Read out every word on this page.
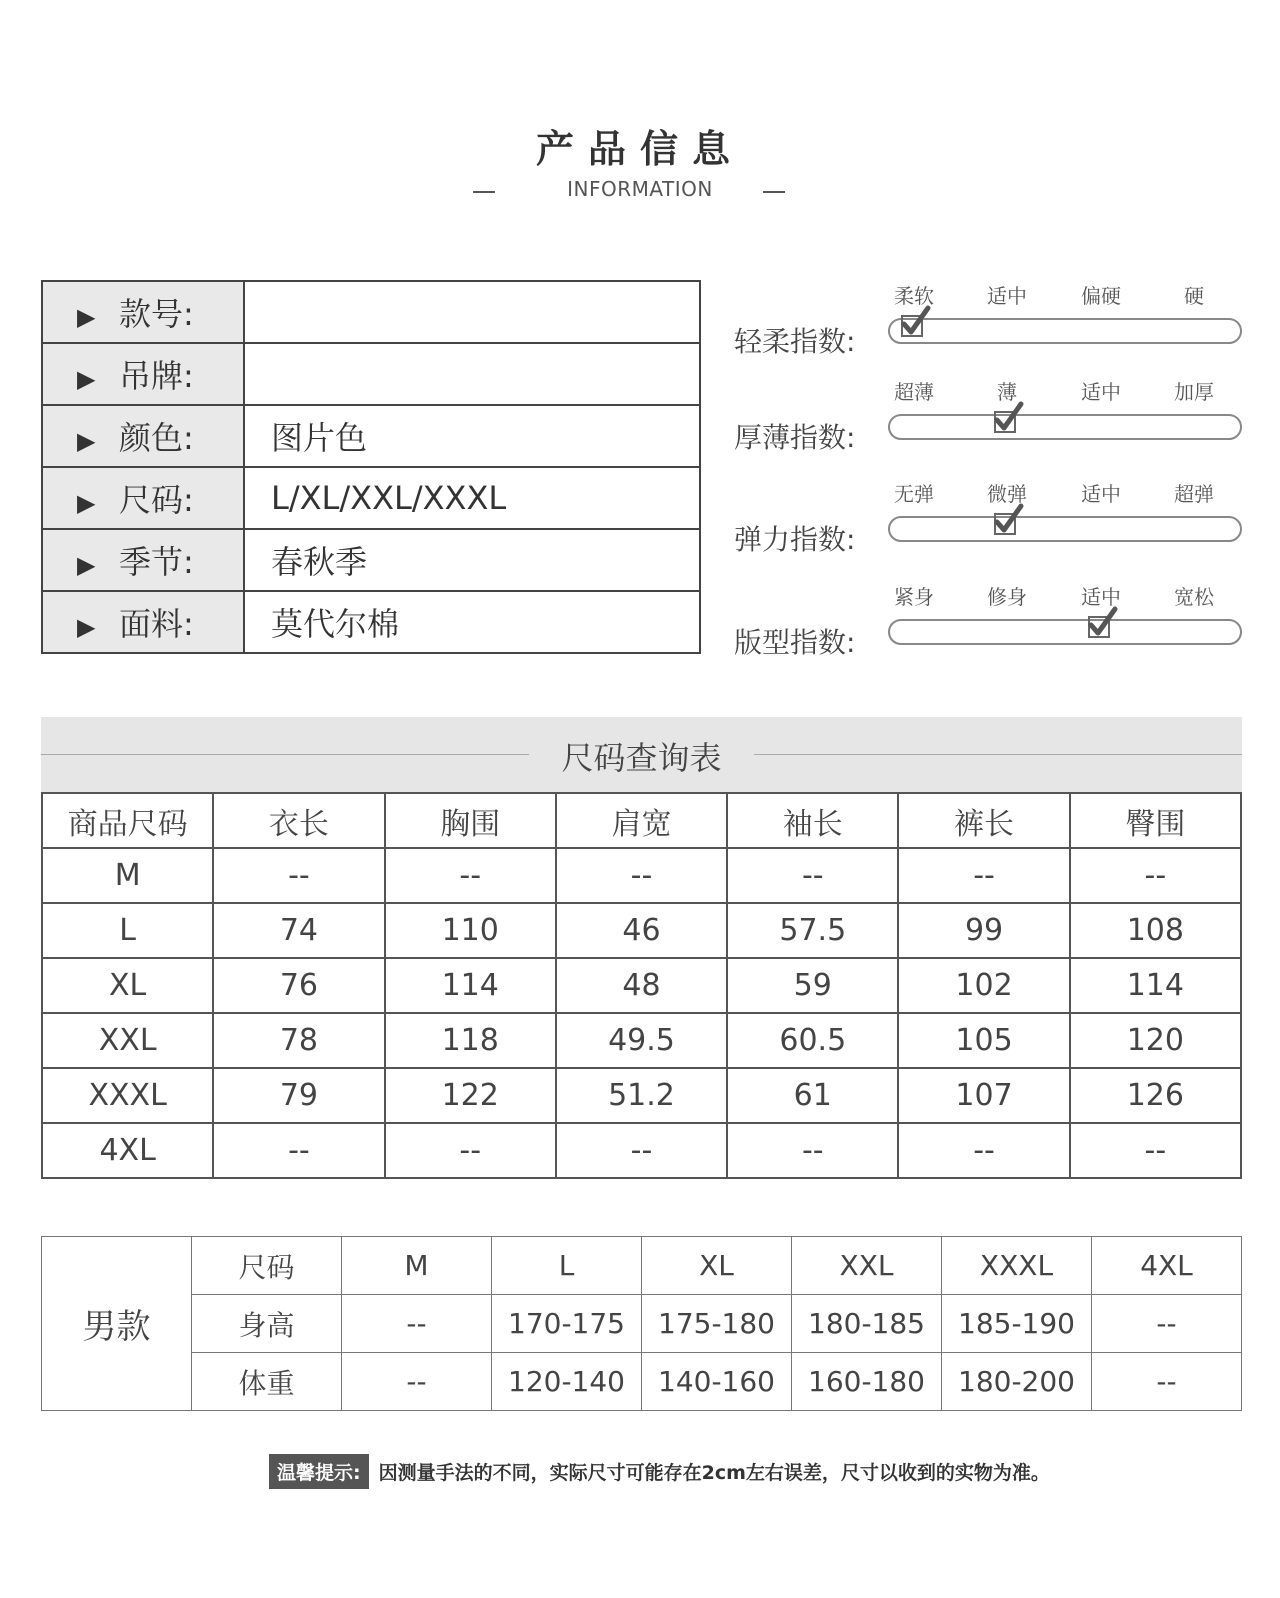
产品信息
INFORMATION
▶ 款号:	
▶ 吊牌:	
▶ 颜色:	图片色
▶ 尺码:	L/XL/XXL/XXXL
▶ 季节:	春秋季
▶ 面料:	莫代尔棉
轻柔指数:
柔软	适中	偏硬	硬
厚薄指数:
超薄	薄	适中	加厚
弹力指数:
无弹	微弹	适中	超弹
版型指数:
紧身	修身	适中	宽松
尺码查询表
商品尺码	衣长	胸围	肩宽	袖长	裤长	臀围
M	--	--	--	--	--	--
L	74	110	46	57.5	99	108
XL	76	114	48	59	102	114
XXL	78	118	49.5	60.5	105	120
XXXL	79	122	51.2	61	107	126
4XL	--	--	--	--	--	--
男款	尺码	M	L	XL	XXL	XXXL	4XL
	身高	--	170-175	175-180	180-185	185-190	--
	体重	--	120-140	140-160	160-180	180-200	--
温馨提示: 因测量手法的不同，实际尺寸可能存在2cm左右误差，尺寸以收到的实物为准。
